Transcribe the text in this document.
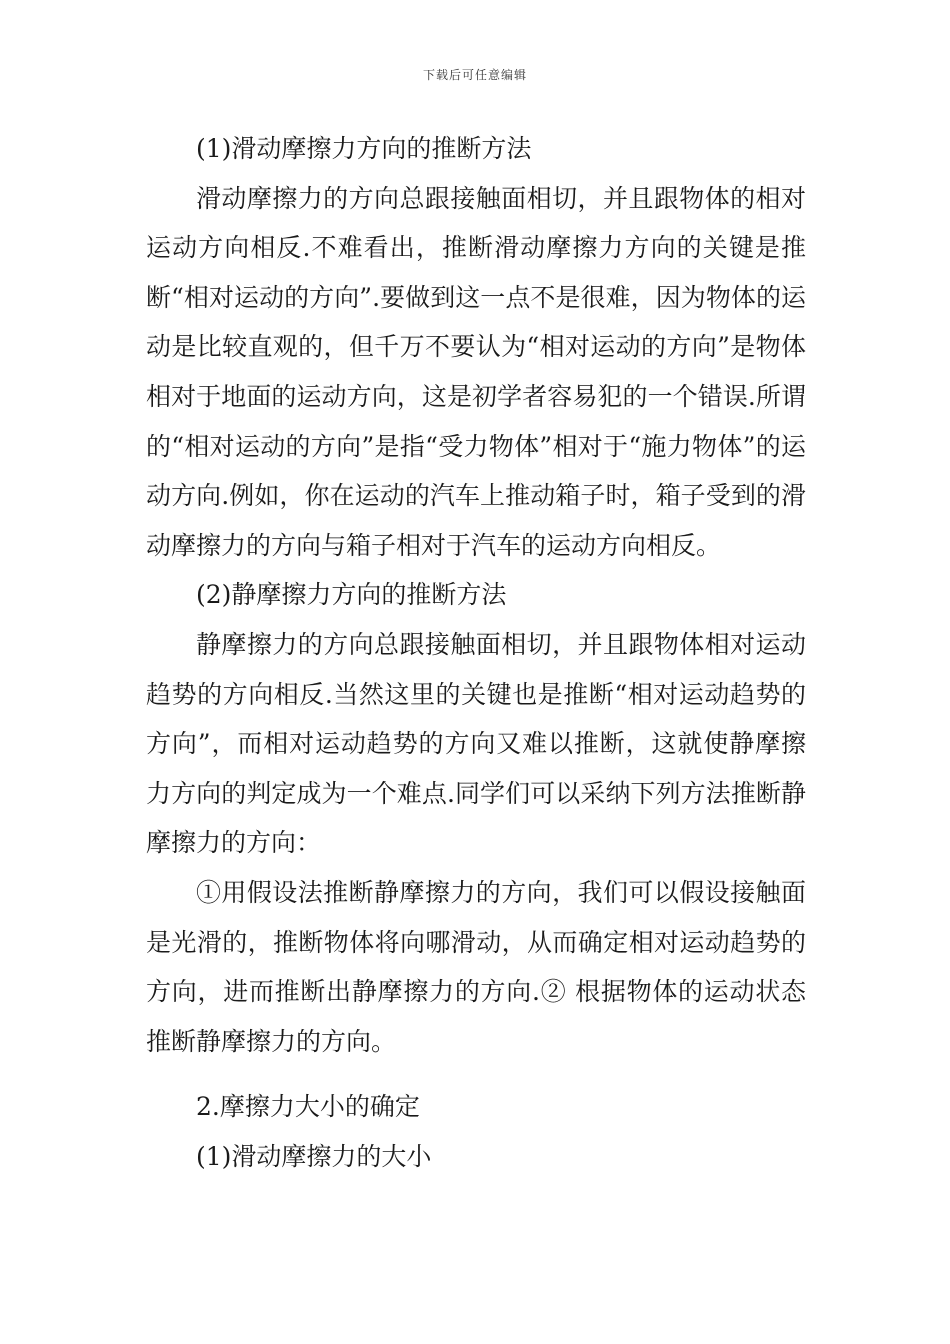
下载后可任意编辑

(1)滑动摩擦力方向的推断方法

滑动摩擦力的方向总跟接触面相切，并且跟物体的相对运动方向相反.不难看出，推断滑动摩擦力方向的关键是推断“相对运动的方向”.要做到这一点不是很难，因为物体的运动是比较直观的，但千万不要认为“相对运动的方向”是物体相对于地面的运动方向，这是初学者容易犯的一个错误.所谓的“相对运动的方向”是指“受力物体”相对于“施力物体”的运动方向.例如，你在运动的汽车上推动箱子时，箱子受到的滑动摩擦力的方向与箱子相对于汽车的运动方向相反。

(2)静摩擦力方向的推断方法

静摩擦力的方向总跟接触面相切，并且跟物体相对运动趋势的方向相反.当然这里的关键也是推断“相对运动趋势的方向”，而相对运动趋势的方向又难以推断，这就使静摩擦力方向的判定成为一个难点.同学们可以采纳下列方法推断静摩擦力的方向：

①用假设法推断静摩擦力的方向，我们可以假设接触面是光滑的，推断物体将向哪滑动，从而确定相对运动趋势的方向，进而推断出静摩擦力的方向.② 根据物体的运动状态推断静摩擦力的方向。

2.摩擦力大小的确定

(1)滑动摩擦力的大小
